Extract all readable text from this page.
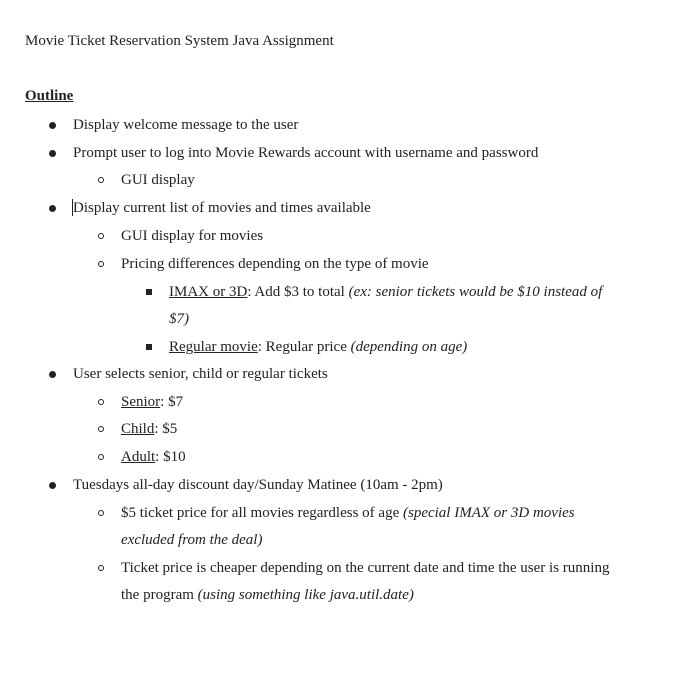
Movie Ticket Reservation System Java Assignment
Outline
Display welcome message to the user
Prompt user to log into Movie Rewards account with username and password
GUI display
Display current list of movies and times available
GUI display for movies
Pricing differences depending on the type of movie
IMAX or 3D: Add $3 to total (ex: senior tickets would be $10 instead of
$7)
Regular movie: Regular price (depending on age)
User selects senior, child or regular tickets
Senior: $7
Child: $5
Adult: $10
Tuesdays all-day discount day/Sunday Matinee (10am - 2pm)
$5 ticket price for all movies regardless of age (special IMAX or 3D movies
excluded from the deal)
Ticket price is cheaper depending on the current date and time the user is running
the program (using something like java.util.date)
